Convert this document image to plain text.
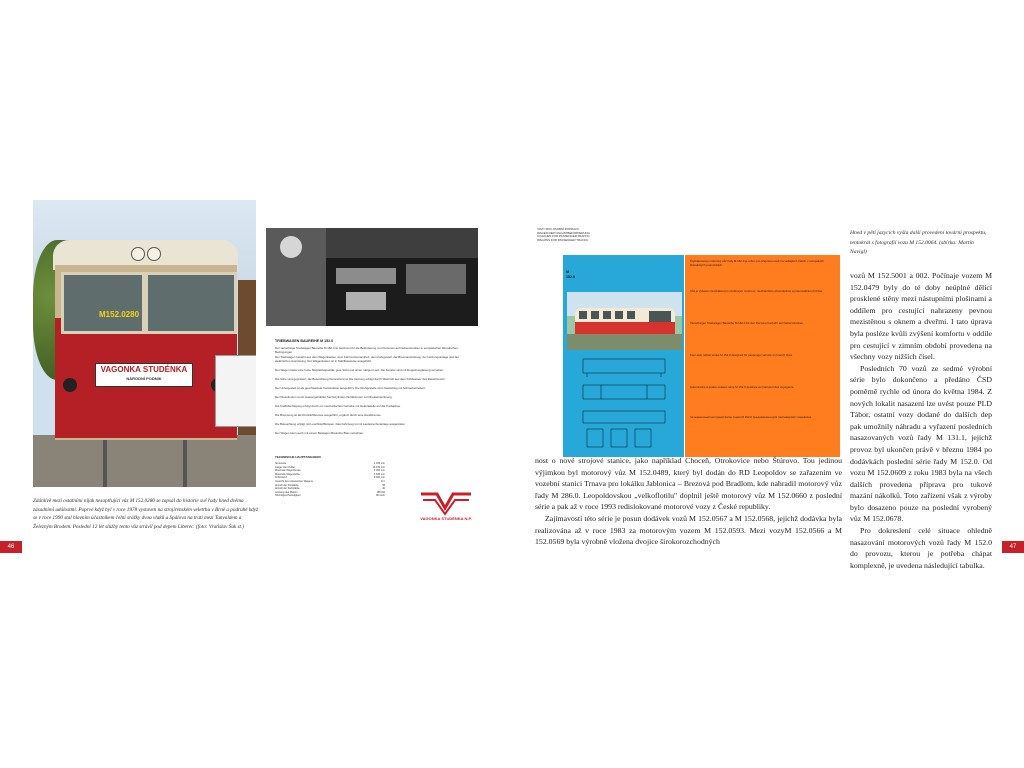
M152.0280
VAGONKA STUDÉNKA
NÁRODNÍ PODNIK
Zdánlivě mezi ostatními nijak nesoptřující vůz M 152.0280 se zapsal do historie své řady hned dvěma zásadními událostmi. Poprvé když byl v roce 1978 vystaven na strojírenském veletrhu v Brně a podruhé když se v roce 1990 stal hlavním účastníkem čelní srážky dvou vlaků u Spálova na trati mezi Tanvaldem a Železným Brodem. Poslední 12 let služby tento vůz strávil pod depem Liberec. (foto: Vratislav Šuk st.)
TRIEBWAGEN BAUREIHE M 152.0
Der vierachsige Triebwagen Baureihe M 152.0 ist bestimmt für die Beförderung von Personen auf Nebenstrecken in europäischen klimatischen Bedingungen.
Der Triebwagen besteht aus dem Wagenkasten, dem Fahrmotorenantrieb, dem Fahrgestell, der Bremsausrüstung, der Heizungsanlage und der elektrischen Ausrüstung. Der Wagenkasten ist in Stahlbauweise ausgeführt.
Der Wagen bietet eine hohe Sitzplatzkapazität, gute Sicht und einen ruhigen Lauf. Die Fenster sind mit Doppelverglasung versehen.
Die Sitze sind gepolstert, die Beleuchtung fluoreszierend. Die Heizung erfolgt durch Warmluft aus dem Kühlwasser des Dieselmotors.
Der Untergestell ist als geschweisste Konstruktion ausgeführt. Die Drehgestelle sind zweiachsig mit Schraubenfedern.
Der Dieselmotor ist ein wassergekühlter Sechszylinder-Viertaktmotor mit Direkteinspritzung.
Die Kraftübertragung erfolgt durch ein mechanisches Getriebe mit Gelenkwelle auf die Treibachse.
Die Bremsung ist als Druckluftbremse ausgeführt, ergänzt durch eine Handbremse.
Die Beleuchtung erfolgt mit Leuchtstofflampen. Das Fahrzeug ist mit Lautsprecheranlage ausgerüstet.
Der Wagen kann auch mit einem Beiwagen Baureihe Btax verkehren.
TECHNISCHE HAUPTANGABEN
Spurweite	1 435 mm
Länge über Puffer	13 970 mm
Maximale Wagenbreite	3 000 mm
Maximale Wagenhöhe	3 635 mm
Achsstand	8 000 mm
Gewicht des unbesetzten Wagens	21 t
Anzahl der Sitzplätze	55
Anzahl der Stehplätze	40
Leistung des Motors	155 kW
Höchstgeschwindigkeit	80 km/h
VAGONKA STUDÉNKA N.P.
46
VOZY PRO OSOBNÍ DOPRAVU
WAGEN DER NACHSTBEFÖRDERUNG
COACHES FOR PASSENGER TRAFFIC
WAGONS FOR PASSENGER TRAFFIC
M
152.0
Čtyřnápravový motorový vůz řady M 152.0 je určen pro přepravu osob na vedlejších tratích v evropských klimatických podmínkách.
Vůz je vybaven šestiválcovým vznětovým motorem, mechanickou převodovkou a pneumatickou brzdou.
Vierachsiger Triebwagen Baureihe M 152.0 für den Personenverkehr auf Nebenstrecken.
Four-axle railcar series M 152.0 designed for passenger service on branch lines.
Automotrice à quatre essieux série M 152.0 destinée au transport des voyageurs.
Четырехосный моторный вагон серии M 152.0 предназначен для пассажирских перевозок.
Hned v pěti jazycích vyšla další provedení tovární prospektu, tentokrát s fotografií vozu M 152.0064. (sbírka: Martin Navigl)

nost o nové strojové stanice, jako například Choceň, Otrokovice nebo Štúrovo. Tou jedinou výjimkou byl motorový vůz M 152.0489, který byl dodán do RD Leopoldov se zařazením ve vozební stanici Trnava pro lokálku Jablonica – Brezová pod Bradlom, kde nahradil motorový vůz řady M 286.0. Leopoldovskou „velkoflotilu" doplnil ještě motorový vůz M 152.0660 z poslední série a pak až v roce 1993 redislokované motorové vozy z České republiky.

Zajímavostí této série je posun dodávek vozů M 152.0567 a M 152.0568, jejichž dodávka byla realizována až v roce 1983 za motorovým vozem M 152.0593. Mezi vozyM 152.0566 a M 152.0569 byla výrobně vložena dvojice širokorozchodných

vozů M 152.5001 a 002. Počínaje vozem M 152.0479 byly do té doby neúplné dělící prosklené stěny mezi nástupními plošinami a oddílem pro cestující nahrazeny pevnou mezistěnou s oknem a dveřmi. I tato úprava byla posléze kvůli zvýšení komfortu v oddíle pro cestující v zimním období provedena na všechny vozy nižších čísel.

Posledních 70 vozů ze sedmé výrobní série bylo dokončeno a předáno ČSD poměrně rychle od února do května 1984. Z nových lokalit nasazení lze uvést pouze PLD Tábor, ostatní vozy dodané do dalších dep pak umožnily náhradu a vyřazení posledních nasazovaných vozů řady M 131.1, jejichž provoz byl ukončen právě v březnu 1984 po dodávkách poslední série řady M 152.0. Od vozu M 152.0609 z roku 1983 byla na všech dalších provedena příprava pro tukové mazání nákolků. Toto zařízení však z výroby bylo dosazeno pouze na poslední vyrobený vůz M 152.0678.

Pro dokreslení celé situace ohledně nasazování motorových vozů řady M 152.0 do provozu, kterou je potřeba chápat komplexně, je uvedena následující tabulka.

47
